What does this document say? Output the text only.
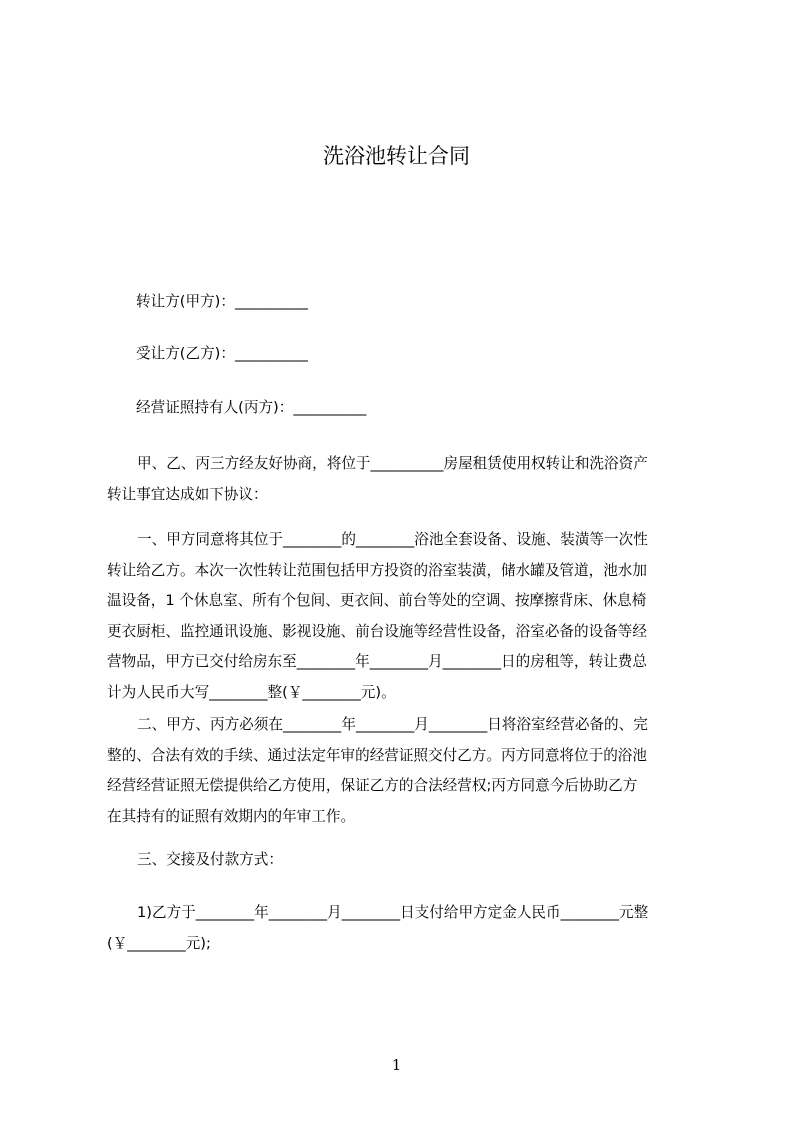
洗浴池转让合同
转让方(甲方)：__________
受让方(乙方)：__________
经营证照持有人(丙方)：__________
甲、乙、丙三方经友好协商，将位于__________房屋租赁使用权转让和洗浴资产
转让事宜达成如下协议：
一、甲方同意将其位于________的________浴池全套设备、设施、装潢等一次性
转让给乙方。本次一次性转让范围包括甲方投资的浴室装潢，储水罐及管道，池水加
温设备，1 个休息室、所有个包间、更衣间、前台等处的空调、按摩擦背床、休息椅
更衣厨柜、监控通讯设施、影视设施、前台设施等经营性设备，浴室必备的设备等经
营物品，甲方已交付给房东至________年________月________日的房租等，转让费总
计为人民币大写________整(￥________元)。
二、甲方、丙方必须在________年________月________日将浴室经营必备的、完
整的、合法有效的手续、通过法定年审的经营证照交付乙方。丙方同意将位于的浴池
经营经营证照无偿提供给乙方使用，保证乙方的合法经营权;丙方同意今后协助乙方
在其持有的证照有效期内的年审工作。
三、交接及付款方式：
1)乙方于________年________月________日支付给甲方定金人民币________元整
(￥________元);
1
